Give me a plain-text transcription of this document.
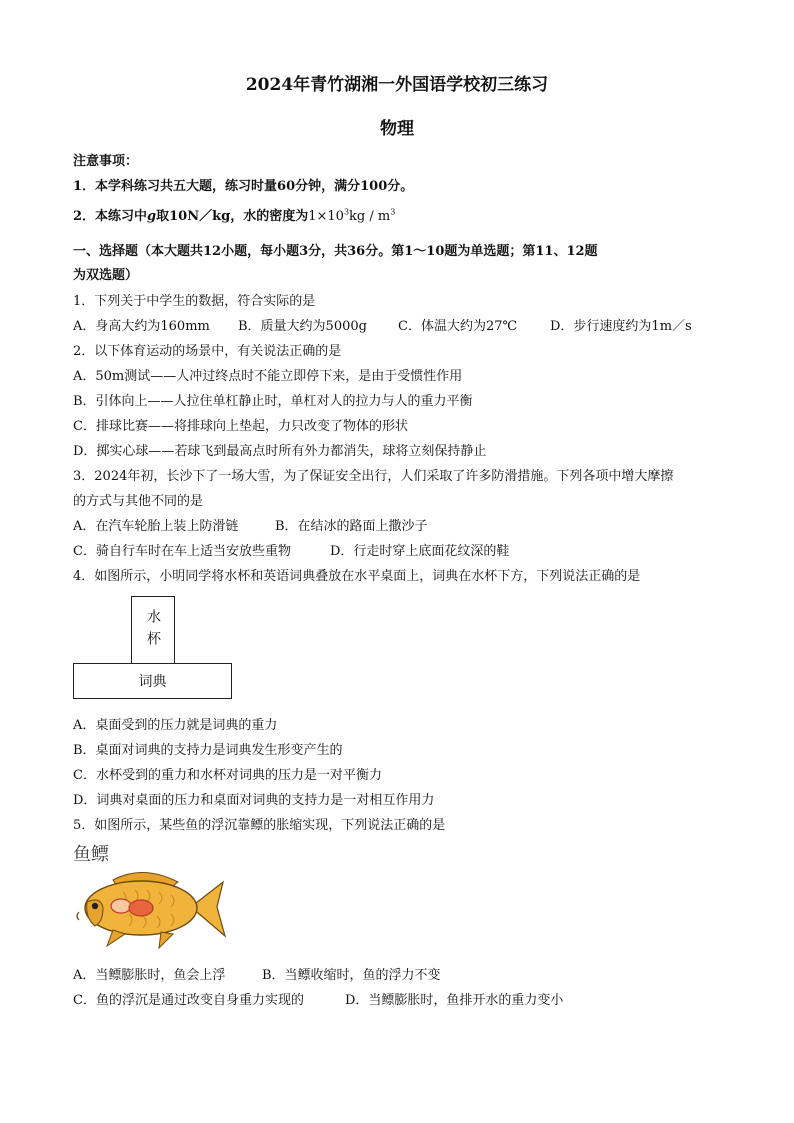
2024年青竹湖湘一外国语学校初三练习
物理
注意事项：
1．本学科练习共五大题，练习时量60分钟，满分100分。
2．本练习中g取10N／kg，水的密度为$1\times 10^3kg / m^3$
一、选择题（本大题共12小题，每小题3分，共36分。第1～10题为单选题；第11、12题
为双选题）
1．下列关于中学生的数据，符合实际的是
A．身高大约为160mm B．质量大约为5000g C．体温大约为27℃	D．步行速度约为1m／s
2．以下体育运动的场景中，有关说法正确的是
A．50m测试——人冲过终点时不能立即停下来，是由于受惯性作用
B．引体向上——人拉住单杠静止时，单杠对人的拉力与人的重力平衡
C．排球比赛——将排球向上垫起，力只改变了物体的形状
D．掷实心球——若球飞到最高点时所有外力都消失，球将立刻保持静止
3．2024年初，长沙下了一场大雪，为了保证安全出行，人们采取了许多防滑措施。下列各项中增大摩擦
的方式与其他不同的是
A．在汽车轮胎上装上防滑链	B．在结冰的路面上撒沙子
C．骑自行车时在车上适当安放些重物	D．行走时穿上底面花纹深的鞋
4．如图所示，小明同学将水杯和英语词典叠放在水平桌面上，词典在水杯下方，下列说法正确的是
水杯
词典
A．桌面受到的压力就是词典的重力
B．桌面对词典的支持力是词典发生形变产生的
C．水杯受到的重力和水杯对词典的压力是一对平衡力
D．词典对桌面的压力和桌面对词典的支持力是一对相互作用力
5．如图所示，某些鱼的浮沉靠鳔的胀缩实现，下列说法正确的是
鱼鳔
A．当鳔膨胀时，鱼会上浮	B．当鳔收缩时，鱼的浮力不变
C．鱼的浮沉是通过改变自身重力实现的	D．当鳔膨胀时，鱼排开水的重力变小
